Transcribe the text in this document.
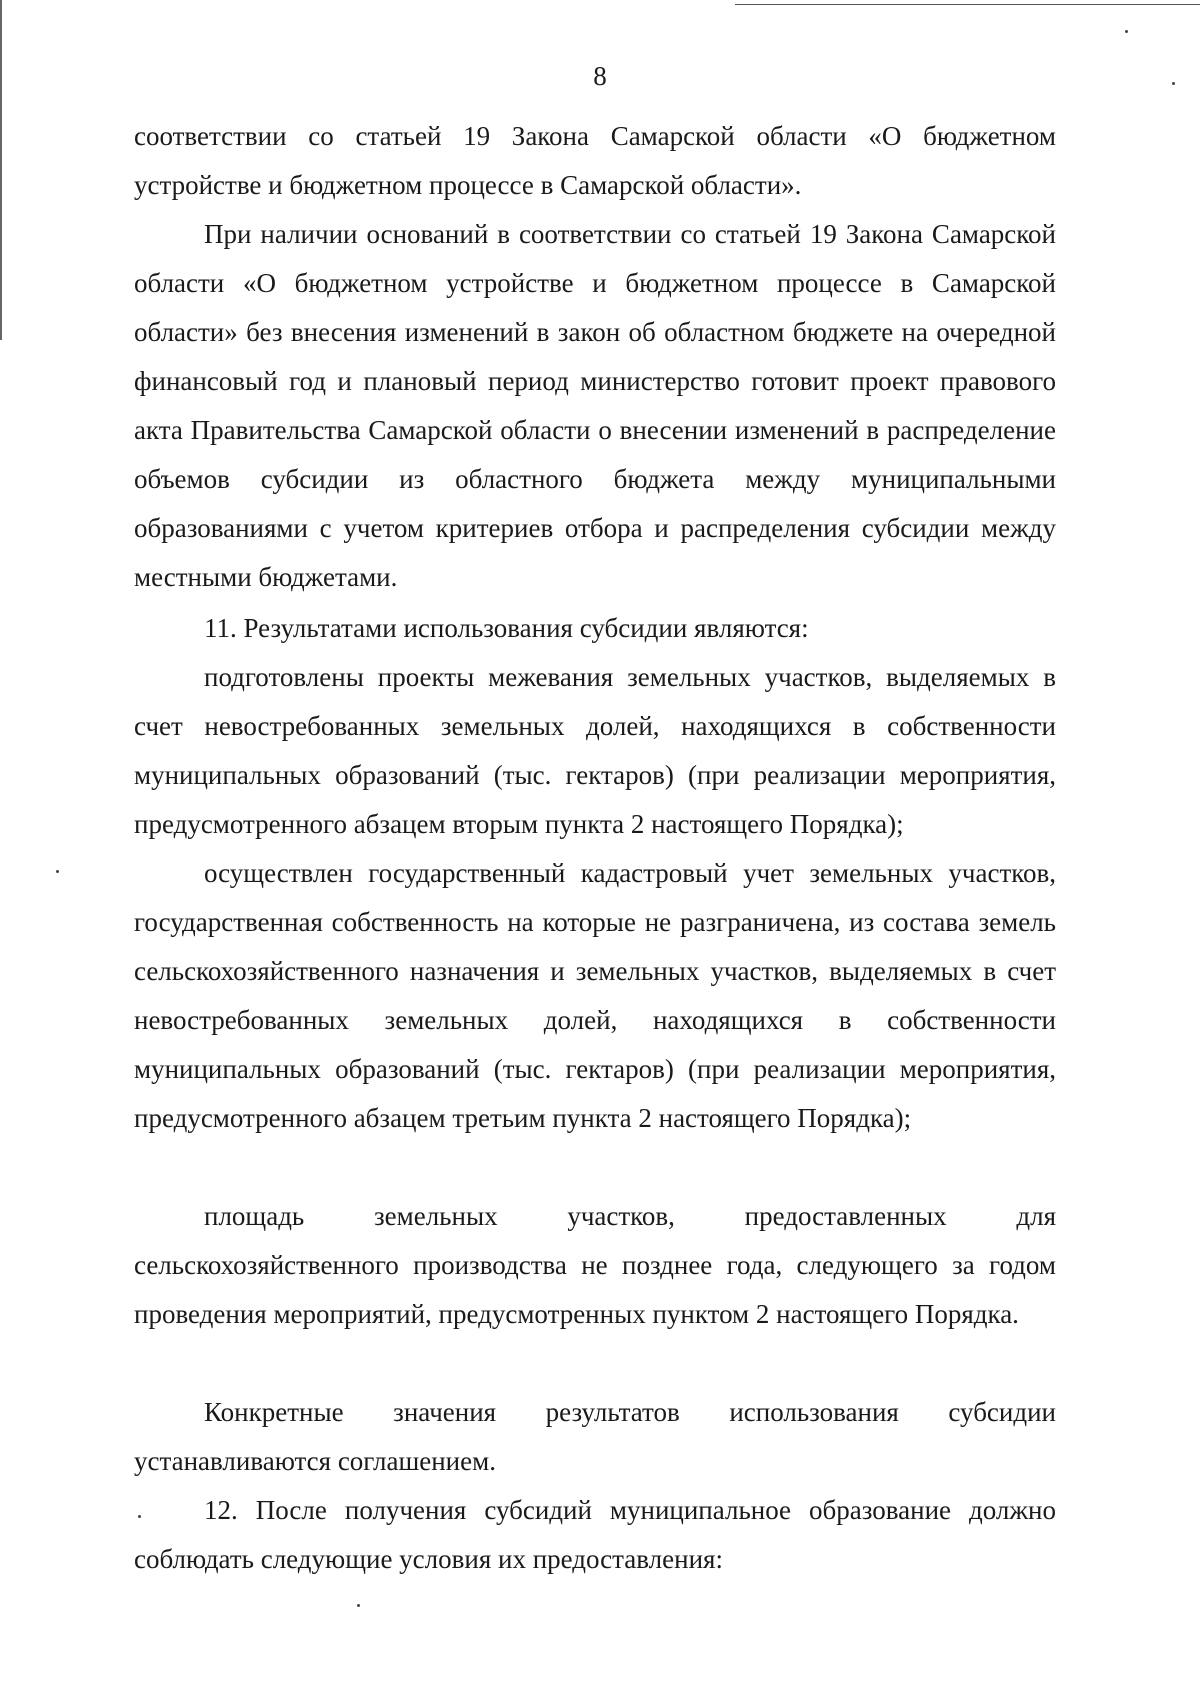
8

соответствии со статьей 19 Закона Самарской области «О бюджетном устройстве и бюджетном процессе в Самарской области».

При наличии оснований в соответствии со статьей 19 Закона Самарской области «О бюджетном устройстве и бюджетном процессе в Самарской области» без внесения изменений в закон об областном бюджете на очередной финансовый год и плановый период министерство готовит проект правового акта Правительства Самарской области о внесении изменений в распределение объемов субсидии из областного бюджета между муниципальными образованиями с учетом критериев отбора и распределения субсидии между местными бюджетами.

11. Результатами использования субсидии являются:

подготовлены проекты межевания земельных участков, выделяемых в счет невостребованных земельных долей, находящихся в собственности муниципальных образований (тыс. гектаров) (при реализации мероприятия, предусмотренного абзацем вторым пункта 2 настоящего Порядка);

осуществлен государственный кадастровый учет земельных участков, государственная собственность на которые не разграничена, из состава земель сельскохозяйственного назначения и земельных участков, выделяемых в счет невостребованных земельных долей, находящихся в собственности муниципальных образований (тыс. гектаров) (при реализации мероприятия, предусмотренного абзацем третьим пункта 2 настоящего Порядка);

площадь земельных участков, предоставленных для сельскохозяйственного производства не позднее года, следующего за годом проведения мероприятий, предусмотренных пунктом 2 настоящего Порядка.

Конкретные значения результатов использования субсидии устанавливаются соглашением.

12. После получения субсидий муниципальное образование должно соблюдать следующие условия их предоставления:
